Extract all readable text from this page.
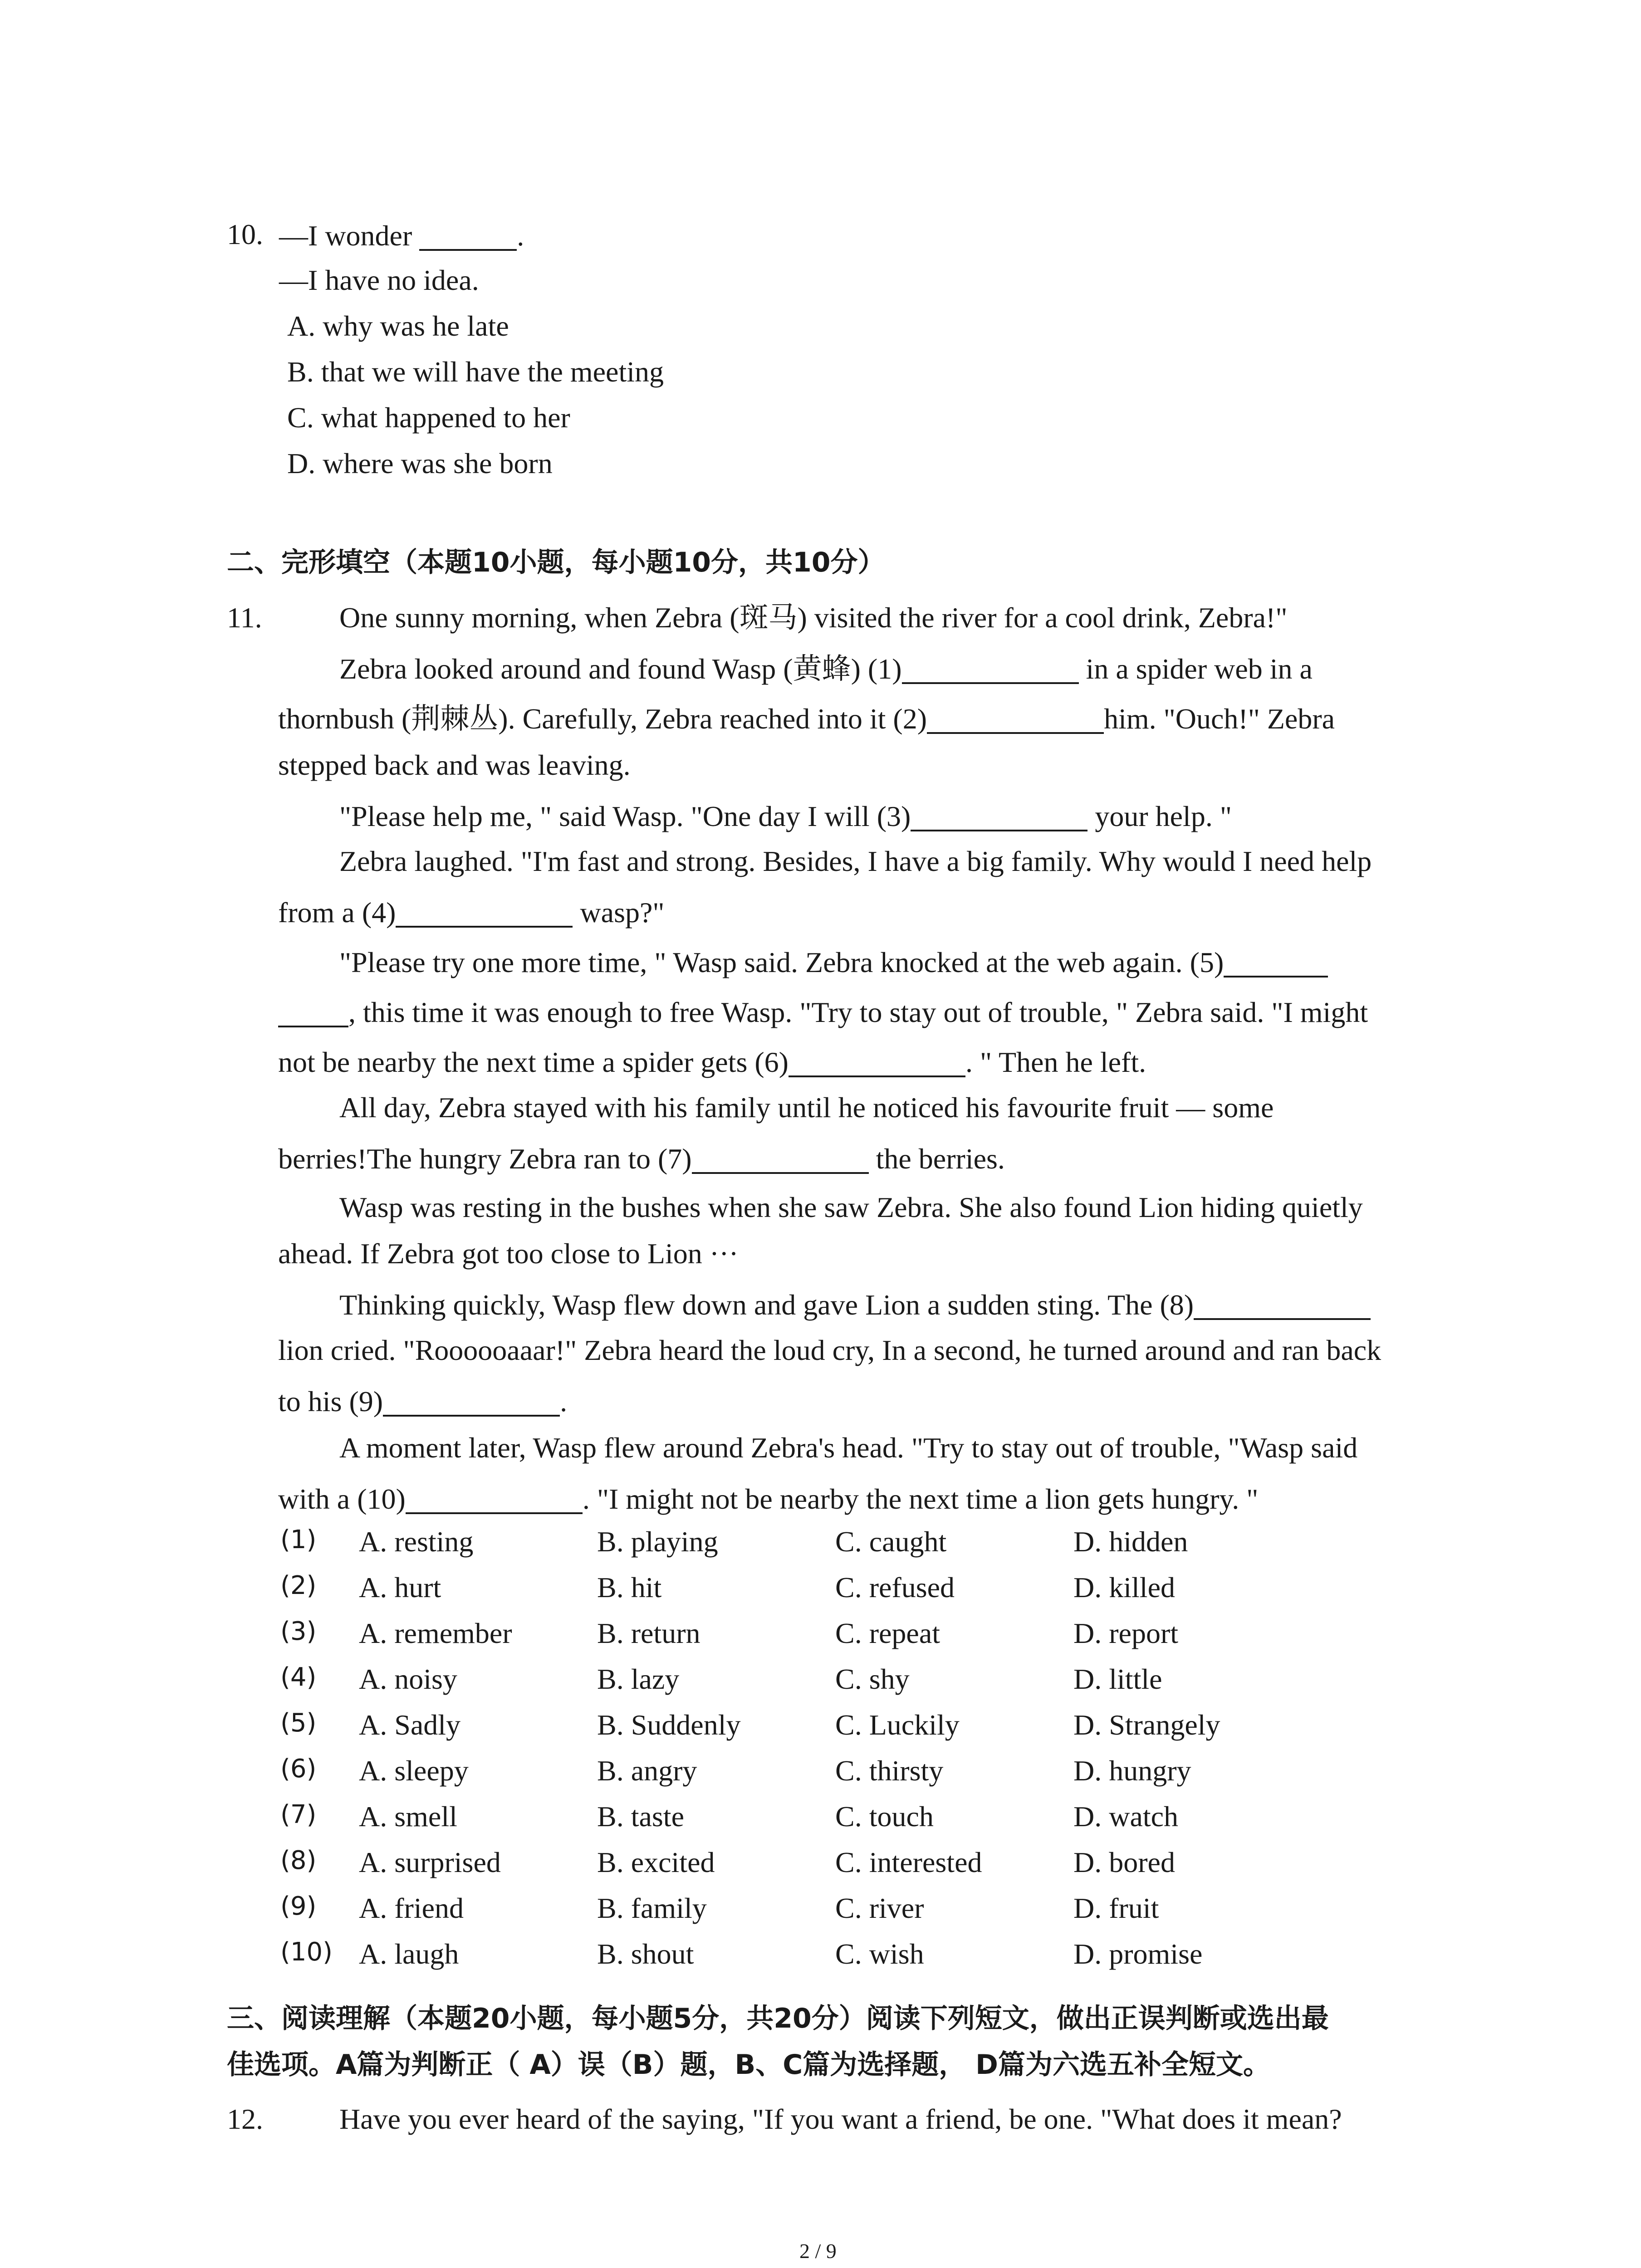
10. —I wonder	.
—I have no idea.
A. why was he late
B. that we will have the meeting
C. what happened to her
D. where was she born
二、完形填空（本题10小题，每小题10分，共10分）
11.	One sunny morning, when Zebra (斑马) visited the river for a cool drink, Zebra!"
Zebra looked around and found Wasp (黄蜂) (1)	in a spider web in a
thornbush (荆棘丛). Carefully, Zebra reached into it (2)	him. "Ouch!" Zebra
stepped back and was leaving.
"Please help me, " said Wasp. "One day I will (3)	your help. "
Zebra laughed. "I'm fast and strong. Besides, I have a big family. Why would I need help
from a (4)	wasp?"
"Please try one more time, " Wasp said. Zebra knocked at the web again. (5)
, this time it was enough to free Wasp. "Try to stay out of trouble, " Zebra said. "I might
not be nearby the next time a spider gets (6)	. " Then he left.
All day, Zebra stayed with his family until he noticed his favourite fruit — some
berries!The hungry Zebra ran to (7)	the berries.
Wasp was resting in the bushes when she saw Zebra. She also found Lion hiding quietly
ahead. If Zebra got too close to Lion ···
Thinking quickly, Wasp flew down and gave Lion a sudden sting. The (8)
lion cried. "Roooooaaar!" Zebra heard the loud cry, In a second, he turned around and ran back
to his (9)	.
A moment later, Wasp flew around Zebra's head. "Try to stay out of trouble, "Wasp said
with a (10)	. "I might not be nearby the next time a lion gets hungry. "
(1) A. resting	B. playing	C. caught	D. hidden
(2) A. hurt	B. hit	C. refused	D. killed
(3) A. remember	B. return	C. repeat	D. report
(4) A. noisy	B. lazy	C. shy	D. little
(5) A. Sadly	B. Suddenly	C. Luckily	D. Strangely
(6) A. sleepy	B. angry	C. thirsty	D. hungry
(7) A. smell	B. taste	C. touch	D. watch
(8) A. surprised	B. excited	C. interested	D. bored
(9) A. friend	B. family	C. river	D. fruit
(10) A. laugh	B. shout	C. wish	D. promise
三、阅读理解（本题20小题，每小题5分，共20分）阅读下列短文，做出正误判断或选出最
佳选项。A篇为判断正（ A）误（B）题，B、C篇为选择题， D篇为六选五补全短文。
12.	Have you ever heard of the saying, "If you want a friend, be one. "What does it mean?
2 / 9
